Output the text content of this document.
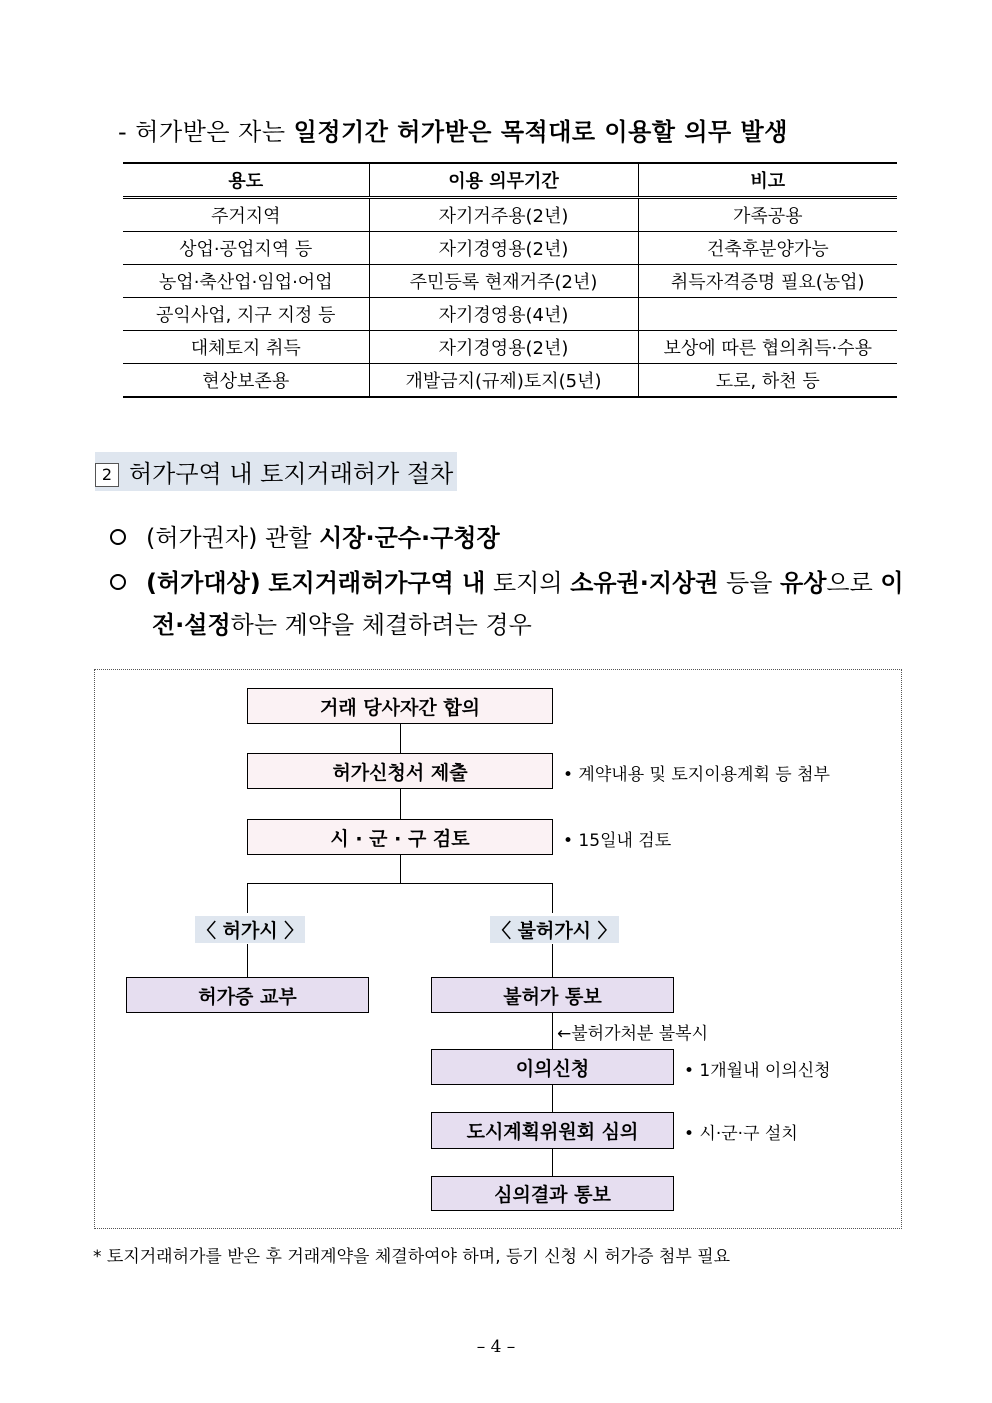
- 허가받은 자는 일정기간 허가받은 목적대로 이용할 의무 발생
용도	이용 의무기간	비고
주거지역	자기거주용(2년)	가족공용
상업·공업지역 등	자기경영용(2년)	건축후분양가능
농업·축산업·임업·어업	주민등록 현재거주(2년)	취득자격증명 필요(농업)
공익사업, 지구 지정 등	자기경영용(4년)	
대체토지 취득	자기경영용(2년)	보상에 따른 협의취득·수용
현상보존용	개발금지(규제)토지(5년)	도로, 하천 등
2 허가구역 내 토지거래허가 절차
(허가권자) 관할 시장·군수·구청장
(허가대상) 토지거래허가구역 내 토지의 소유권·지상권 등을 유상으로 이
전·설정하는 계약을 체결하려는 경우
거래 당사자간 합의
허가신청서 제출	• 계약내용 및 토지이용계획 등 첨부
시 · 군 · 구 검토	• 15일내 검토
〈 허가시 〉	〈 불허가시 〉
허가증 교부	불허가 통보
←불허가처분 불복시
이의신청	• 1개월내 이의신청
도시계획위원회 심의	• 시·군·구 설치
심의결과 통보
* 토지거래허가를 받은 후 거래계약을 체결하여야 하며, 등기 신청 시 허가증 첨부 필요
– 4 –
